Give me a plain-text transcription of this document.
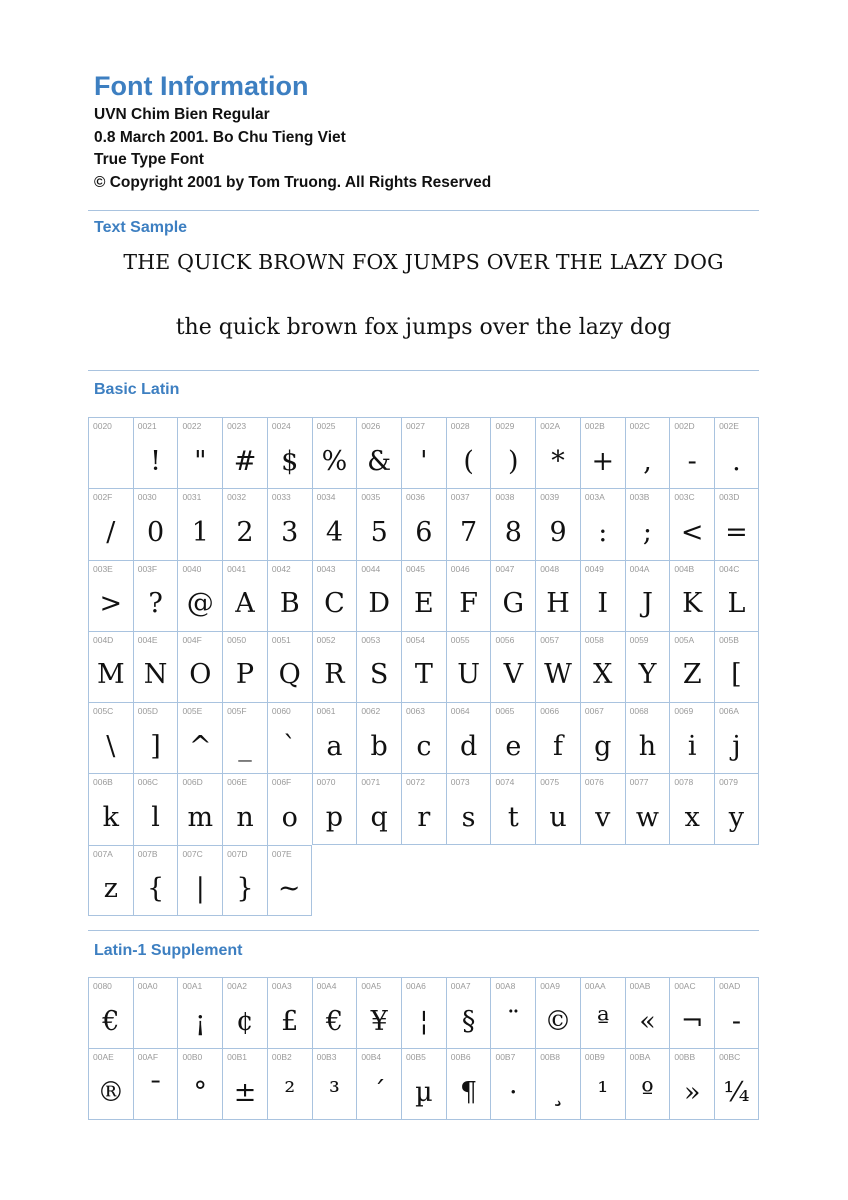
Font Information
UVN Chim Bien Regular
0.8 March 2001. Bo Chu Tieng Viet
True Type Font
© Copyright 2001 by Tom Truong. All Rights Reserved
Text Sample
THE QUICK BROWN FOX JUMPS OVER THE LAZY DOG
the quick brown fox jumps over the lazy dog
Basic Latin
0020	0021
!
0022
"
0023
#
0024
$
0025
%
0026
&
0027
'
0028
(
0029
)
002A
*
002B
+
002C
,
002D
-
002E
.
002F
/
0030
0
0031
1
0032
2
0033
3
0034
4
0035
5
0036
6
0037
7
0038
8
0039
9
003A
:
003B
;
003C
<
003D
=
003E
>
003F
?
0040
@
0041
A
0042
B
0043
C
0044
D
0045
E
0046
F
0047
G
0048
H
0049
I
004A
J
004B
K
004C
L
004D
M
004E
N
004F
O
0050
P
0051
Q
0052
R
0053
S
0054
T
0055
U
0056
V
0057
W
0058
X
0059
Y
005A
Z
005B
[
005C
\
005D
]
005E
^
005F
_
0060
`
0061
a
0062
b
0063
c
0064
d
0065
e
0066
f
0067
g
0068
h
0069
i
006A
j
006B
k
006C
l
006D
m
006E
n
006F
o
0070
p
0071
q
0072
r
0073
s
0074
t
0075
u
0076
v
0077
w
0078
x
0079
y
007A
z
007B
{
007C
|
007D
}
007E
~
Latin-1 Supplement
0080
€
00A0	00A1
¡
00A2
¢
00A3
£
00A4
€
00A5
¥
00A6
¦
00A7
§
00A8
¨
00A9
©
00AA
ª
00AB
«
00AC
¬
00AD
-
00AE
®
00AF
¯
00B0
°
00B1
±
00B2
²
00B3
³
00B4
´
00B5
µ
00B6
¶
00B7
·
00B8
¸
00B9
¹
00BA
º
00BB
»
00BC
¼
